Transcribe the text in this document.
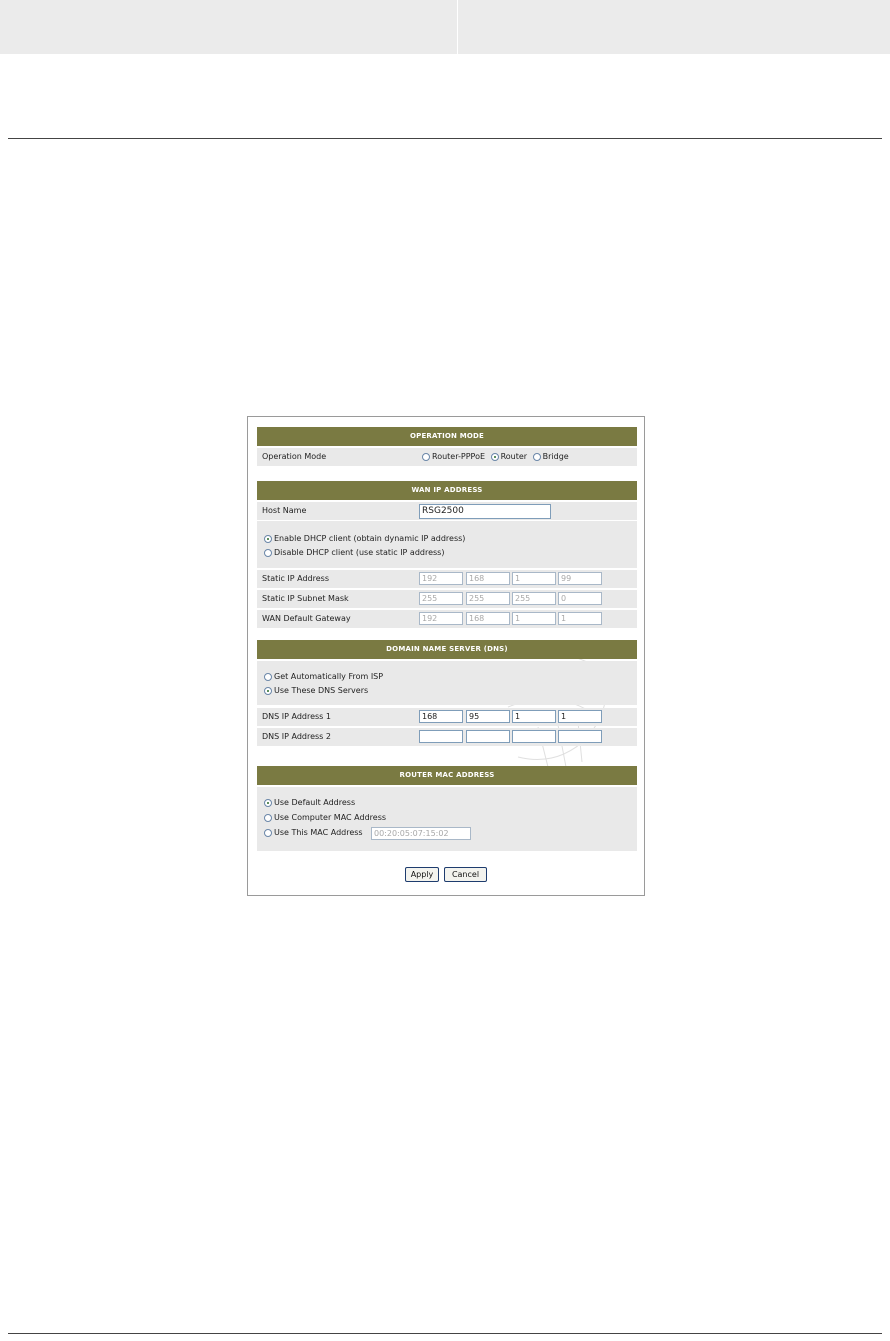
OPERATION MODE
Operation Mode	Router-PPPoE Router Bridge
WAN IP ADDRESS
Host Name	RSG2500
Enable DHCP client (obtain dynamic IP address)
Disable DHCP client (use static IP address)
Static IP Address	192	168	1	99
Static IP Subnet Mask	255	255	255	0
WAN Default Gateway	192	168	1	1
DOMAIN NAME SERVER (DNS)
Get Automatically From ISP
Use These DNS Servers
DNS IP Address 1	168	95	1	1
DNS IP Address 2
ROUTER MAC ADDRESS
Use Default Address
Use Computer MAC Address
Use This MAC Address	00:20:05:07:15:02
Apply	Cancel
